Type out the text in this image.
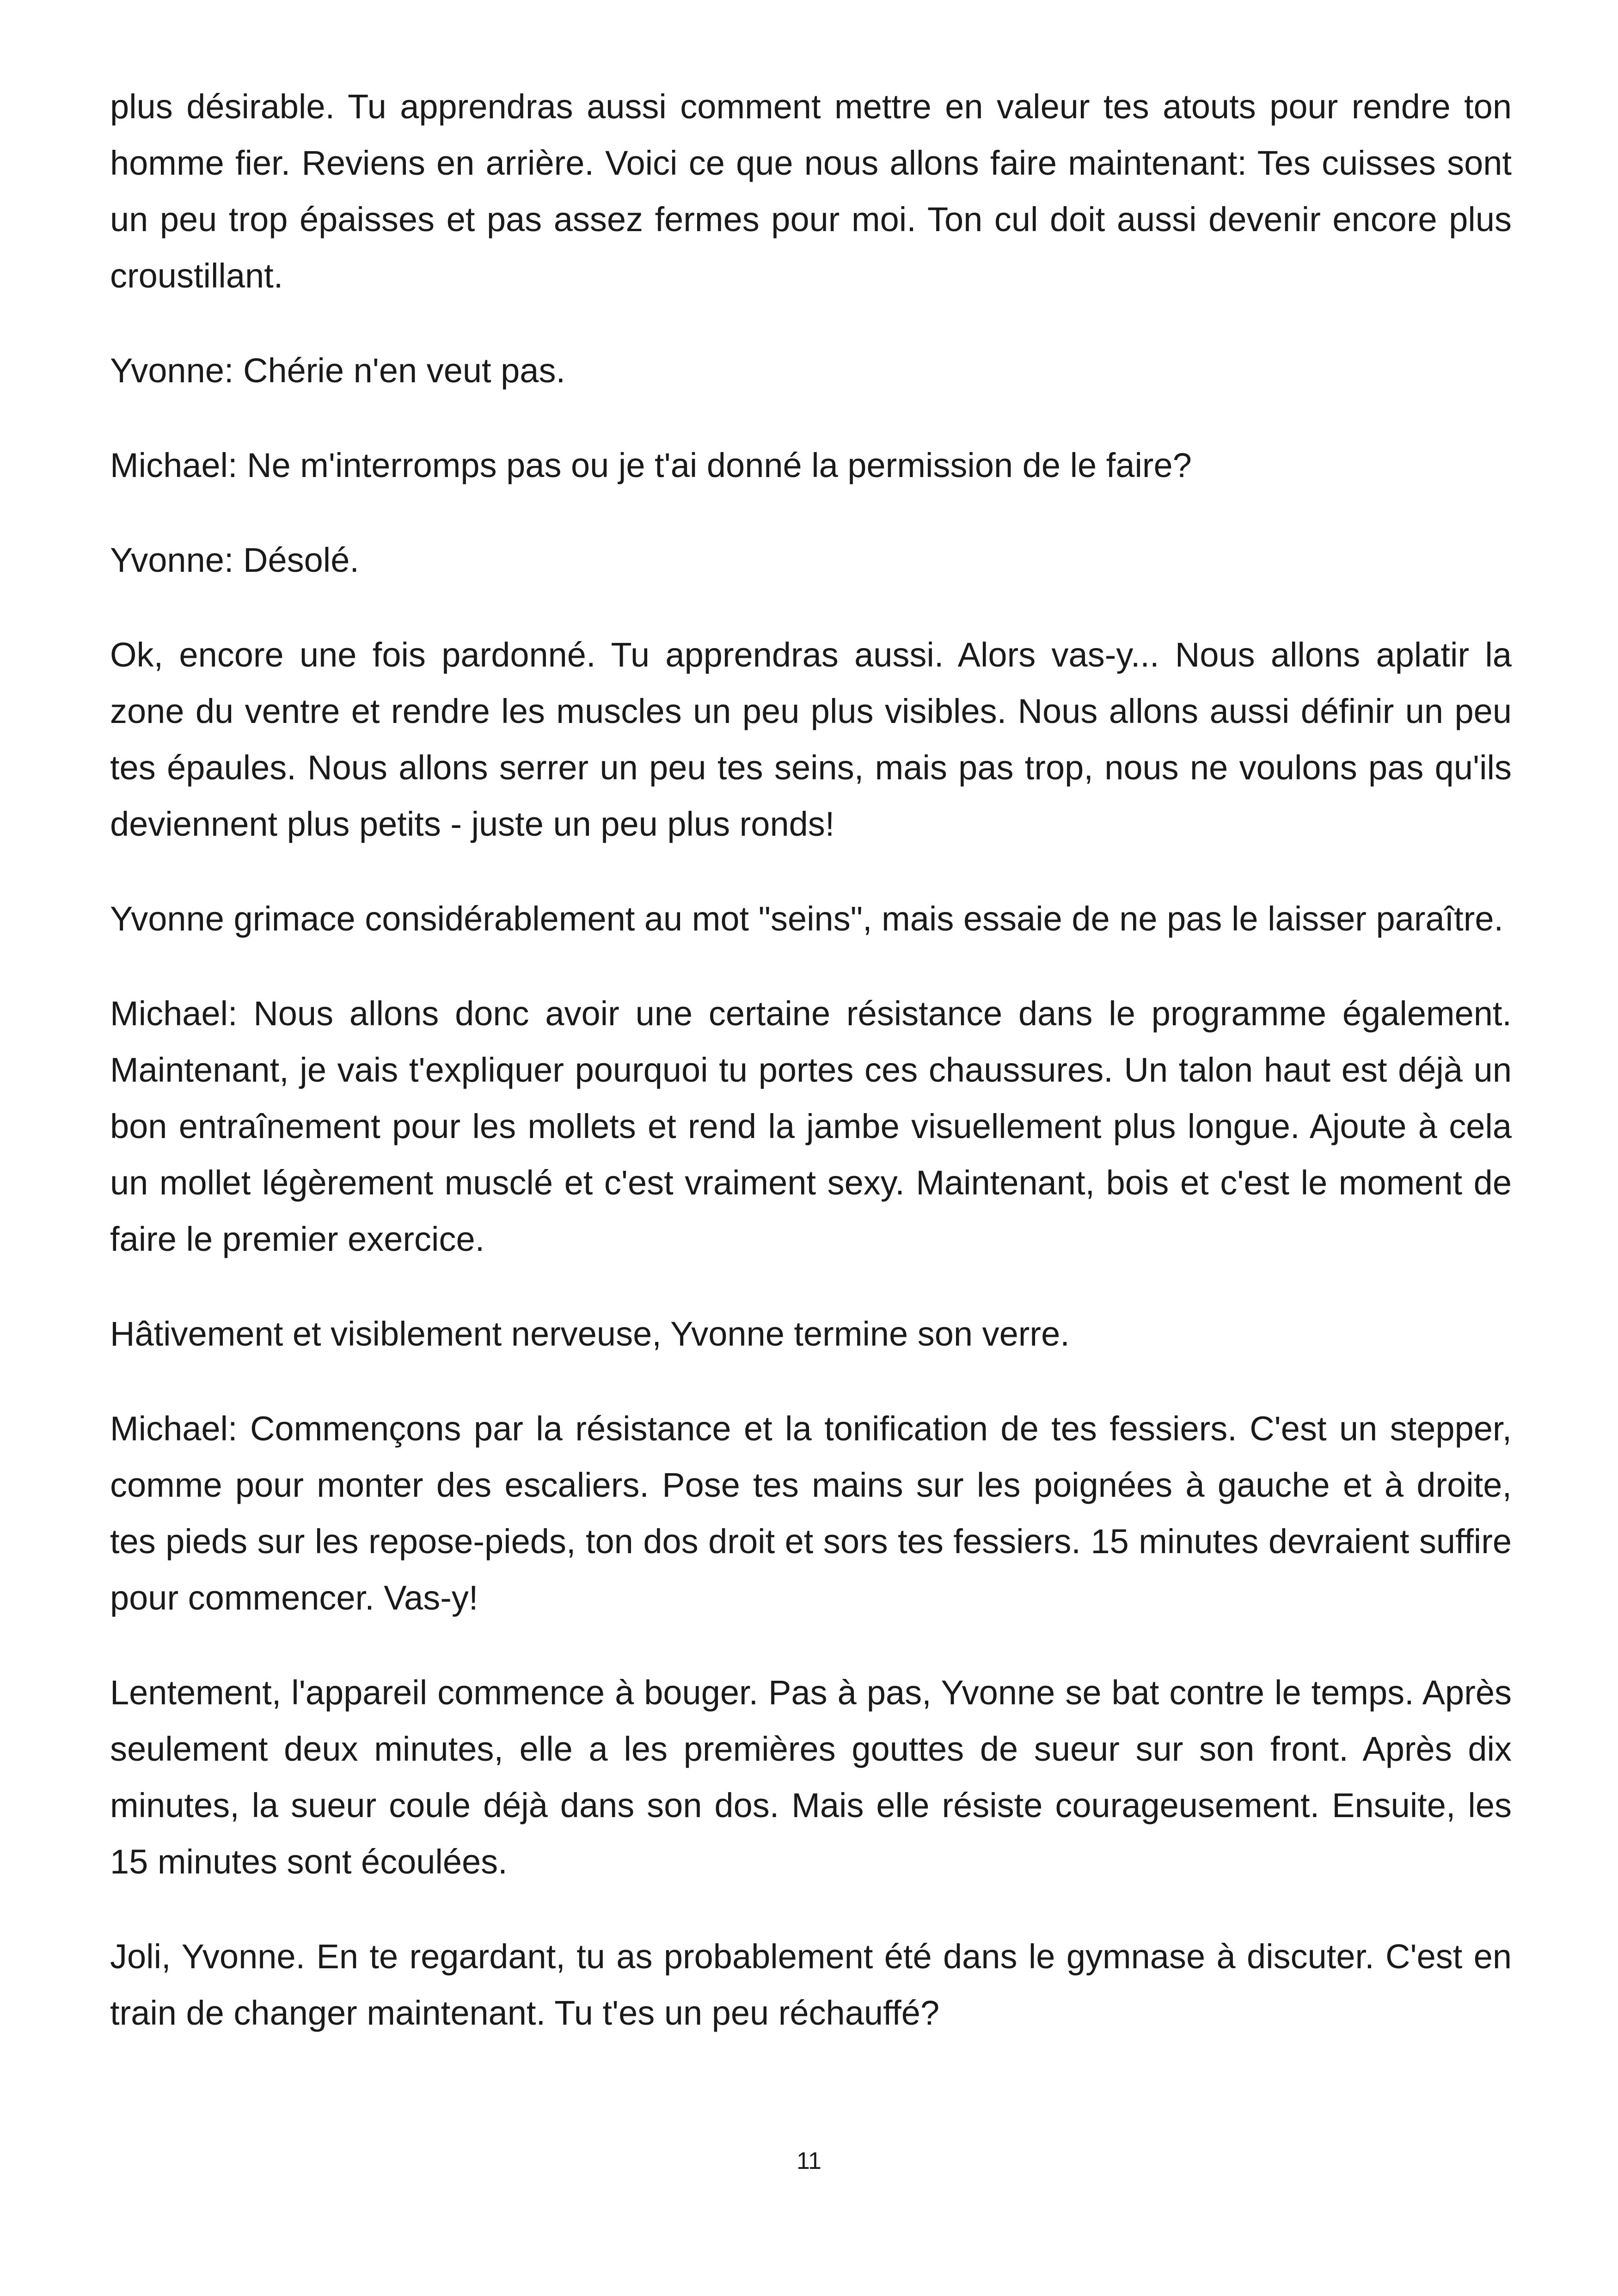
plus désirable. Tu apprendras aussi comment mettre en valeur tes atouts pour rendre ton homme fier. Reviens en arrière. Voici ce que nous allons faire maintenant: Tes cuisses sont un peu trop épaisses et pas assez fermes pour moi. Ton cul doit aussi devenir encore plus croustillant.

Yvonne: Chérie n'en veut pas.

Michael: Ne m'interromps pas ou je t'ai donné la permission de le faire?

Yvonne: Désolé.

Ok, encore une fois pardonné. Tu apprendras aussi. Alors vas-y... Nous allons aplatir la zone du ventre et rendre les muscles un peu plus visibles. Nous allons aussi définir un peu tes épaules. Nous allons serrer un peu tes seins, mais pas trop, nous ne voulons pas qu'ils deviennent plus petits - juste un peu plus ronds!

Yvonne grimace considérablement au mot "seins", mais essaie de ne pas le laisser paraître.

Michael: Nous allons donc avoir une certaine résistance dans le programme également. Maintenant, je vais t'expliquer pourquoi tu portes ces chaussures. Un talon haut est déjà un bon entraînement pour les mollets et rend la jambe visuellement plus longue. Ajoute à cela un mollet légèrement musclé et c'est vraiment sexy. Maintenant, bois et c'est le moment de faire le premier exercice.

Hâtivement et visiblement nerveuse, Yvonne termine son verre.

Michael: Commençons par la résistance et la tonification de tes fessiers. C'est un stepper, comme pour monter des escaliers. Pose tes mains sur les poignées à gauche et à droite, tes pieds sur les repose-pieds, ton dos droit et sors tes fessiers. 15 minutes devraient suffire pour commencer. Vas-y!

Lentement, l'appareil commence à bouger. Pas à pas, Yvonne se bat contre le temps. Après seulement deux minutes, elle a les premières gouttes de sueur sur son front. Après dix minutes, la sueur coule déjà dans son dos. Mais elle résiste courageusement. Ensuite, les 15 minutes sont écoulées.

Joli, Yvonne. En te regardant, tu as probablement été dans le gymnase à discuter. C'est en train de changer maintenant. Tu t'es un peu réchauffé?

11
